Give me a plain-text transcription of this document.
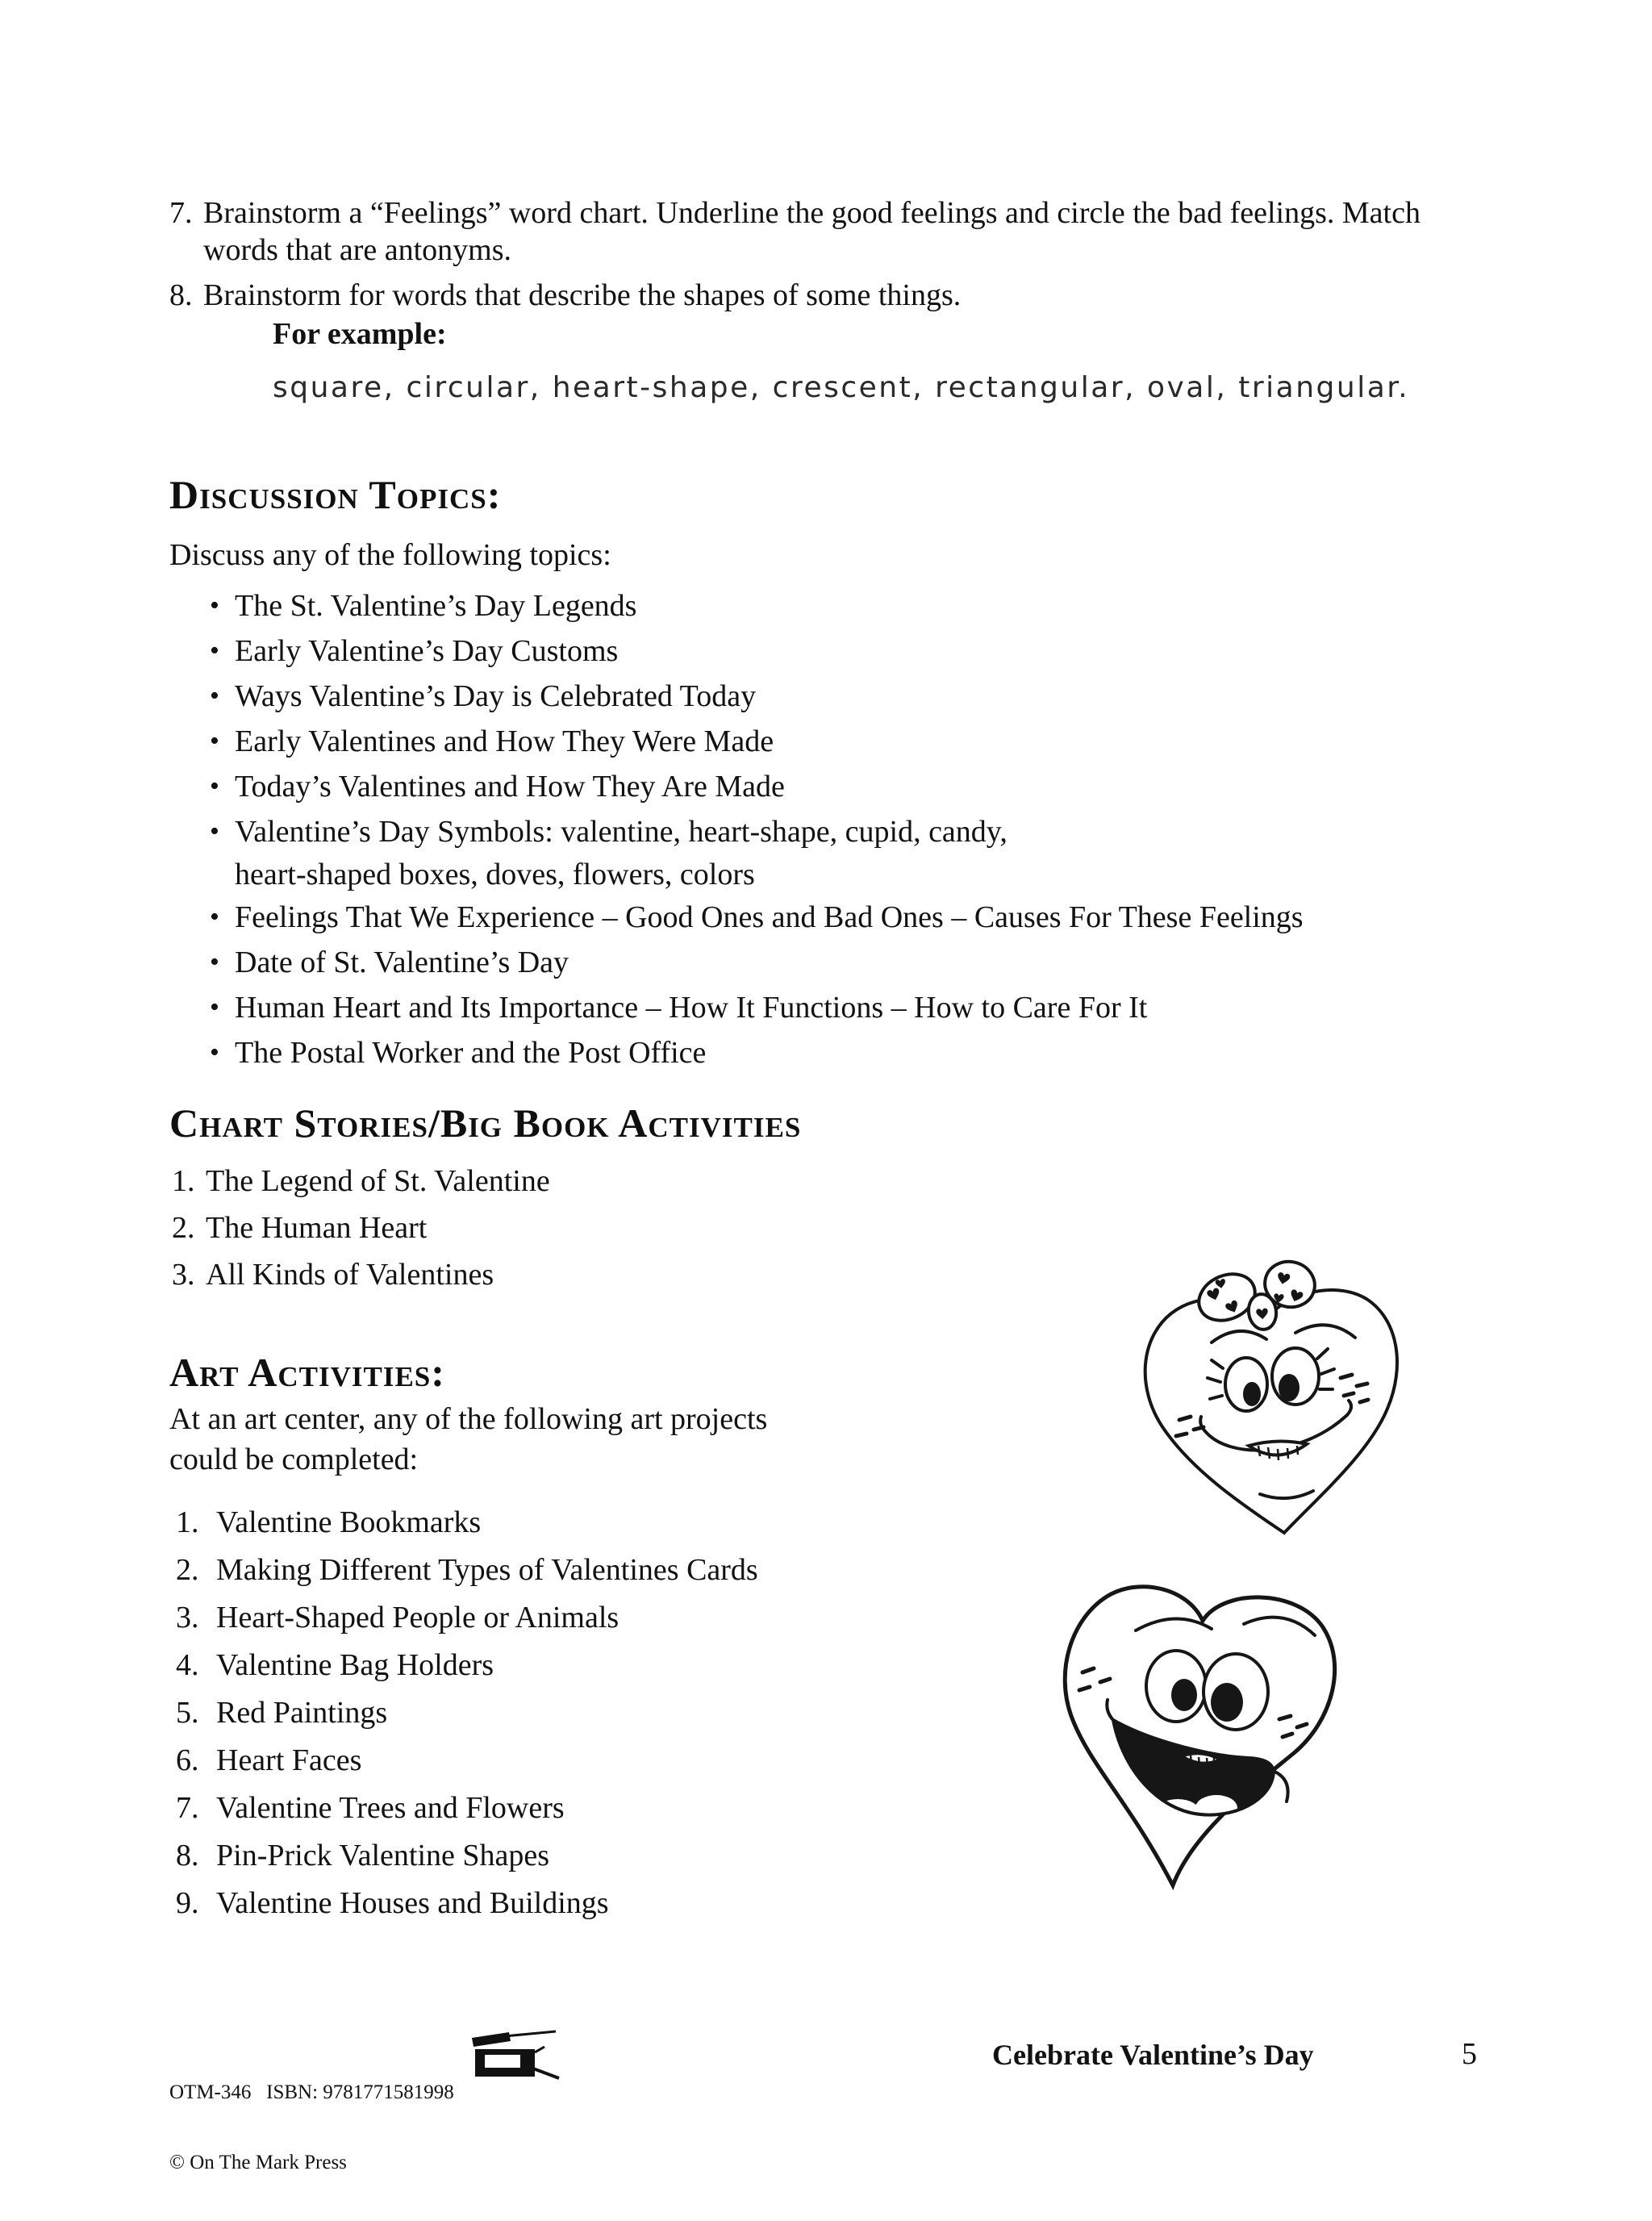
7. Brainstorm a “Feelings” word chart. Underline the good feelings and circle the bad feelings. Match
words that are antonyms.
8. Brainstorm for words that describe the shapes of some things.
For example:
square, circular, heart-shape, crescent, rectangular, oval, triangular.
Discussion Topics:

Discuss any of the following topics:

• The St. Valentine’s Day Legends
• Early Valentine’s Day Customs
• Ways Valentine’s Day is Celebrated Today
• Early Valentines and How They Were Made
• Today’s Valentines and How They Are Made
• Valentine’s Day Symbols: valentine, heart-shape, cupid, candy,
heart-shaped boxes, doves, flowers, colors
• Feelings That We Experience – Good Ones and Bad Ones – Causes For These Feelings
• Date of St. Valentine’s Day
• Human Heart and Its Importance – How It Functions – How to Care For It
• The Postal Worker and the Post Office
Chart Stories/Big Book Activities
1. The Legend of St. Valentine
2. The Human Heart
3. All Kinds of Valentines
Art Activities:

At an art center, any of the following art projects
could be completed:

1. Valentine Bookmarks
2. Making Different Types of Valentines Cards
3. Heart-Shaped People or Animals
4. Valentine Bag Holders
5. Red Paintings
6. Heart Faces
7. Valentine Trees and Flowers
8. Pin-Prick Valentine Shapes
9. Valentine Houses and Buildings

OTM-346   ISBN: 9781771581998

© On The Mark Press

Celebrate Valentine’s Day	5
